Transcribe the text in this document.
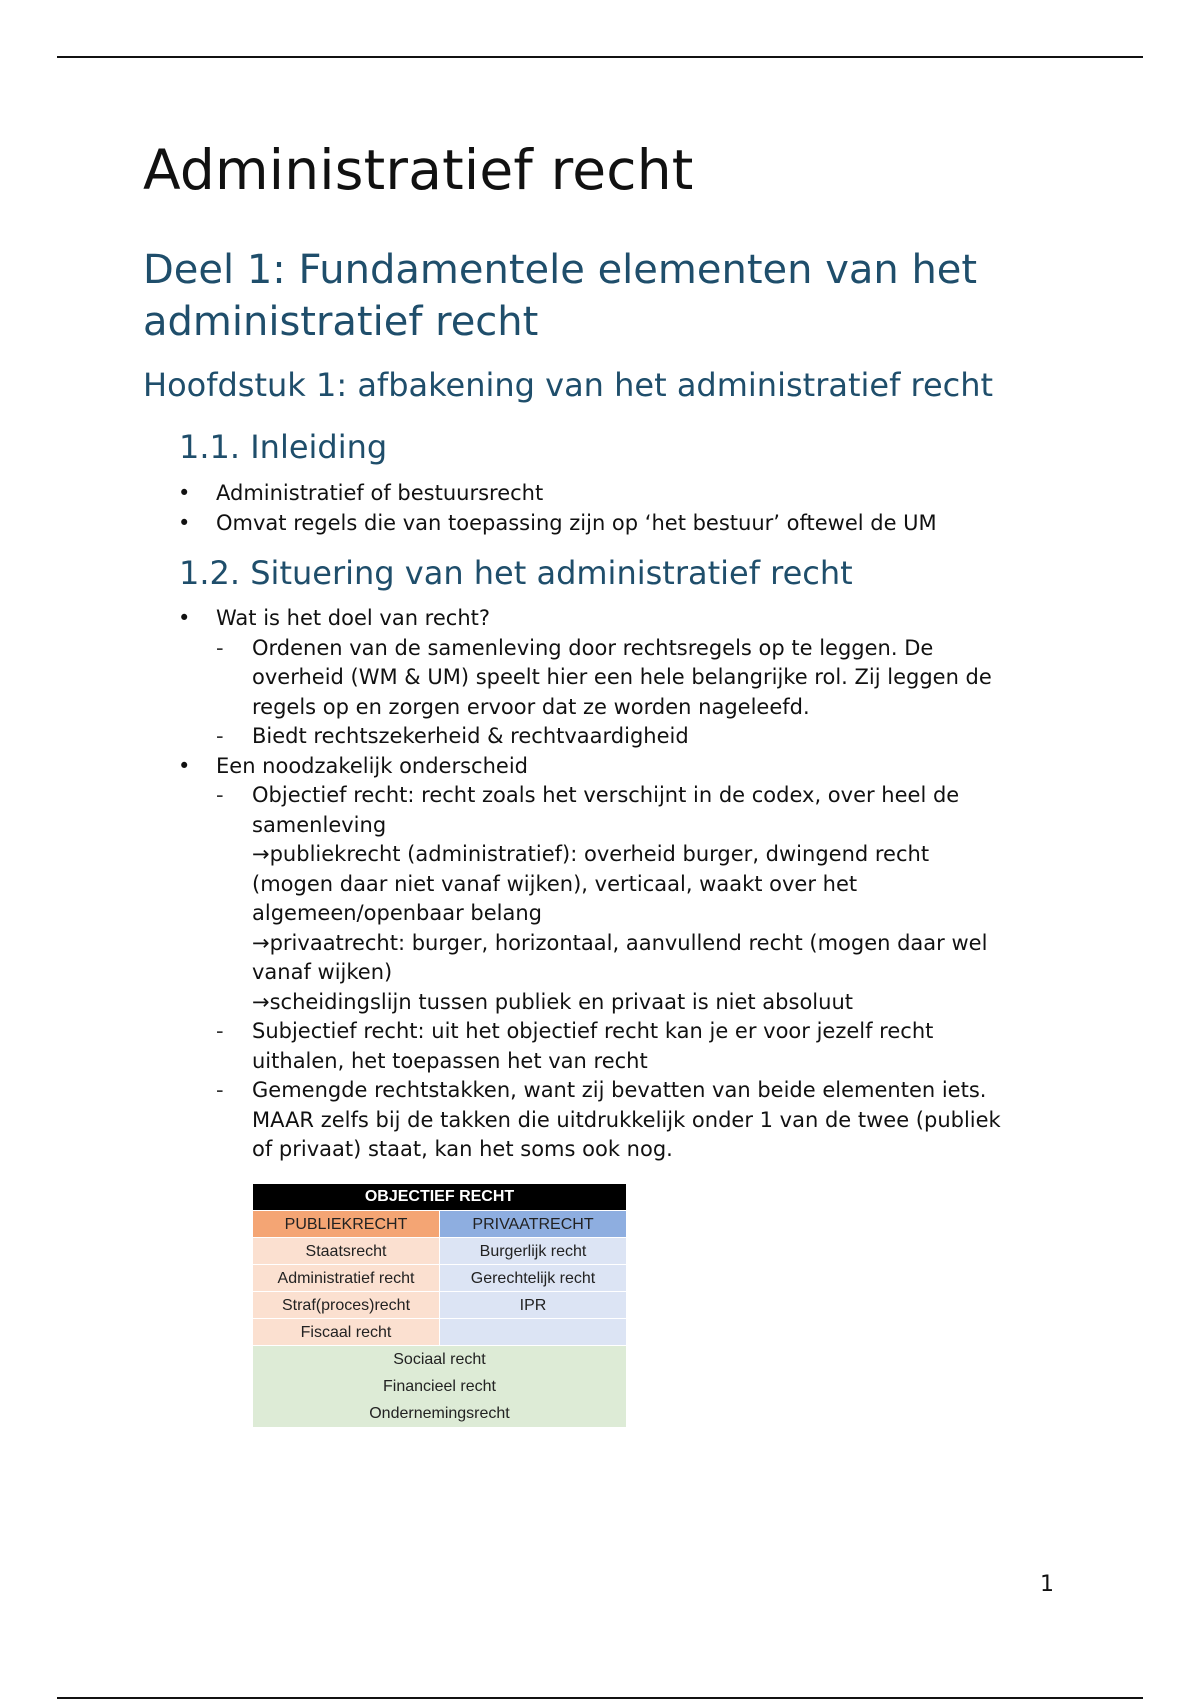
Administratief recht
Deel 1: Fundamentele elementen van het administratief recht
Hoofdstuk 1: afbakening van het administratief recht
1.1. Inleiding
• Administratief of bestuursrecht
• Omvat regels die van toepassing zijn op ‘het bestuur’ oftewel de UM
1.2. Situering van het administratief recht
• Wat is het doel van recht?
- Ordenen van de samenleving door rechtsregels op te leggen. De
overheid (WM & UM) speelt hier een hele belangrijke rol. Zij leggen de
regels op en zorgen ervoor dat ze worden nageleefd.
- Biedt rechtszekerheid & rechtvaardigheid
• Een noodzakelijk onderscheid
- Objectief recht: recht zoals het verschijnt in de codex, over heel de
samenleving
→publiekrecht (administratief): overheid burger, dwingend recht
(mogen daar niet vanaf wijken), verticaal, waakt over het
algemeen/openbaar belang
→privaatrecht: burger, horizontaal, aanvullend recht (mogen daar wel
vanaf wijken)
→scheidingslijn tussen publiek en privaat is niet absoluut
- Subjectief recht: uit het objectief recht kan je er voor jezelf recht
uithalen, het toepassen het van recht
- Gemengde rechtstakken, want zij bevatten van beide elementen iets.
MAAR zelfs bij de takken die uitdrukkelijk onder 1 van de twee (publiek
of privaat) staat, kan het soms ook nog.
OBJECTIEF RECHT
PUBLIEKRECHT	PRIVAATRECHT
Staatsrecht	Burgerlijk recht
Administratief recht	Gerechtelijk recht
Straf(proces)recht	IPR
Fiscaal recht
Sociaal recht
Financieel recht
Ondernemingsrecht
1
